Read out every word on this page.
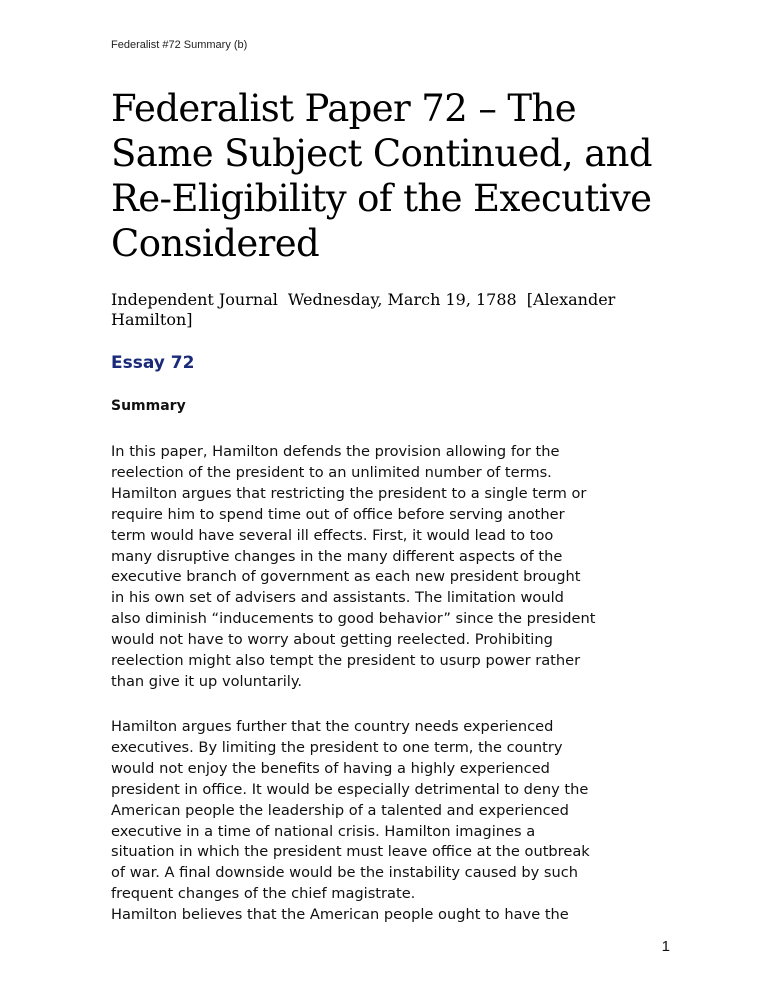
Federalist #72 Summary (b)
Federalist Paper 72 – The Same Subject Continued, and Re-Eligibility of the Executive Considered
Independent Journal Wednesday, March 19, 1788 [Alexander Hamilton]
Essay 72
Summary

In this paper, Hamilton defends the provision allowing for the
reelection of the president to an unlimited number of terms.
Hamilton argues that restricting the president to a single term or
require him to spend time out of office before serving another
term would have several ill effects. First, it would lead to too
many disruptive changes in the many different aspects of the
executive branch of government as each new president brought
in his own set of advisers and assistants. The limitation would
also diminish “inducements to good behavior” since the president
would not have to worry about getting reelected. Prohibiting
reelection might also tempt the president to usurp power rather
than give it up voluntarily.

Hamilton argues further that the country needs experienced
executives. By limiting the president to one term, the country
would not enjoy the benefits of having a highly experienced
president in office. It would be especially detrimental to deny the
American people the leadership of a talented and experienced
executive in a time of national crisis. Hamilton imagines a
situation in which the president must leave office at the outbreak
of war. A final downside would be the instability caused by such
frequent changes of the chief magistrate.
Hamilton believes that the American people ought to have the

1
